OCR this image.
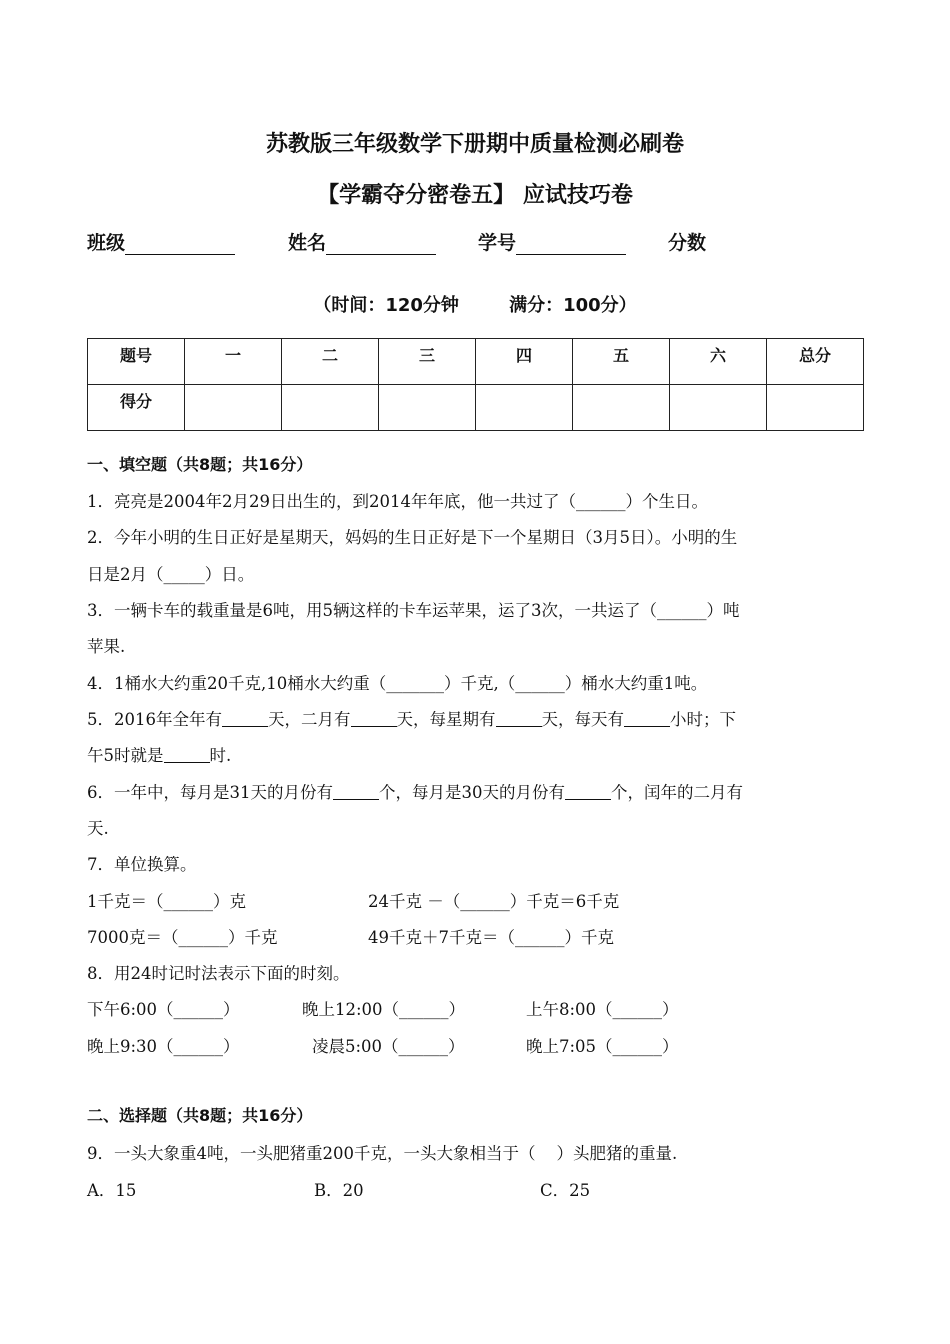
苏教版三年级数学下册期中质量检测必刷卷
【学霸夺分密卷五】 应试技巧卷
班级	姓名	学号	分数
（时间：120分钟        满分：100分）
题号	一	二	三	四	五	六	总分
得分							
一、填空题（共8题；共16分）
1．亮亮是2004年2月29日出生的，到2014年年底，他一共过了（______）个生日。
2．今年小明的生日正好是星期天，妈妈的生日正好是下一个星期日（3月5日）。小明的生
日是2月（_____）日。
3．一辆卡车的载重量是6吨，用5辆这样的卡车运苹果，运了3次，一共运了（______）吨
苹果.
4．1桶水大约重20千克,10桶水大约重（_______）千克,（______）桶水大约重1吨。
5．2016年全年有	天，二月有	天，每星期有	天，每天有	小时；下
午5时就是	时.
6．一年中，每月是31天的月份有	个，每月是30天的月份有	个，闰年的二月有
天.
7．单位换算。
1千克＝（______）克	24千克 －（______）千克＝6千克
7000克＝（______）千克	49千克＋7千克＝（______）千克
8．用24时记时法表示下面的时刻。
下午6:00（______）	晚上12:00（______）	上午8:00（______）
晚上9:30（______）	凌晨5:00（______）	晚上7:05（______）
二、选择题（共8题；共16分）
9．一头大象重4吨，一头肥猪重200千克，一头大象相当于（    ）头肥猪的重量.
A．15	B．20	C．25
